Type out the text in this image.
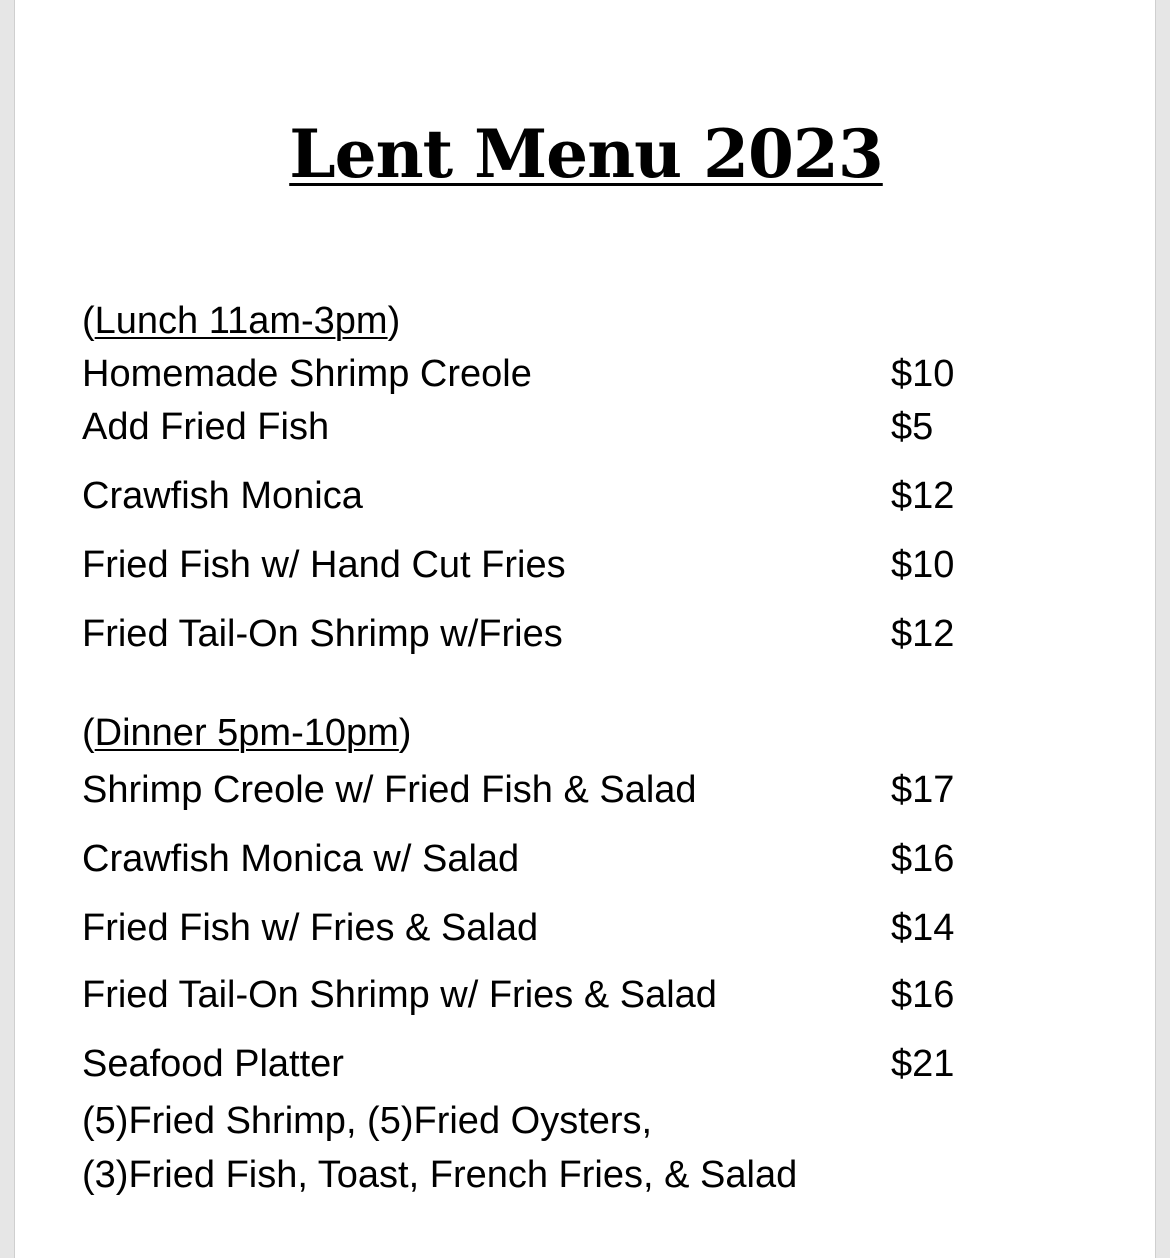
Lent Menu 2023
(Lunch 11am-3pm)
Homemade Shrimp Creole	$10
Add Fried Fish	$5
Crawfish Monica	$12
Fried Fish w/ Hand Cut Fries	$10
Fried Tail-On Shrimp w/Fries	$12
(Dinner 5pm-10pm)
Shrimp Creole w/ Fried Fish & Salad	$17
Crawfish Monica w/ Salad	$16
Fried Fish w/ Fries & Salad	$14
Fried Tail-On Shrimp w/ Fries & Salad	$16
Seafood Platter	$21
(5)Fried Shrimp, (5)Fried Oysters,
(3)Fried Fish, Toast, French Fries, & Salad
